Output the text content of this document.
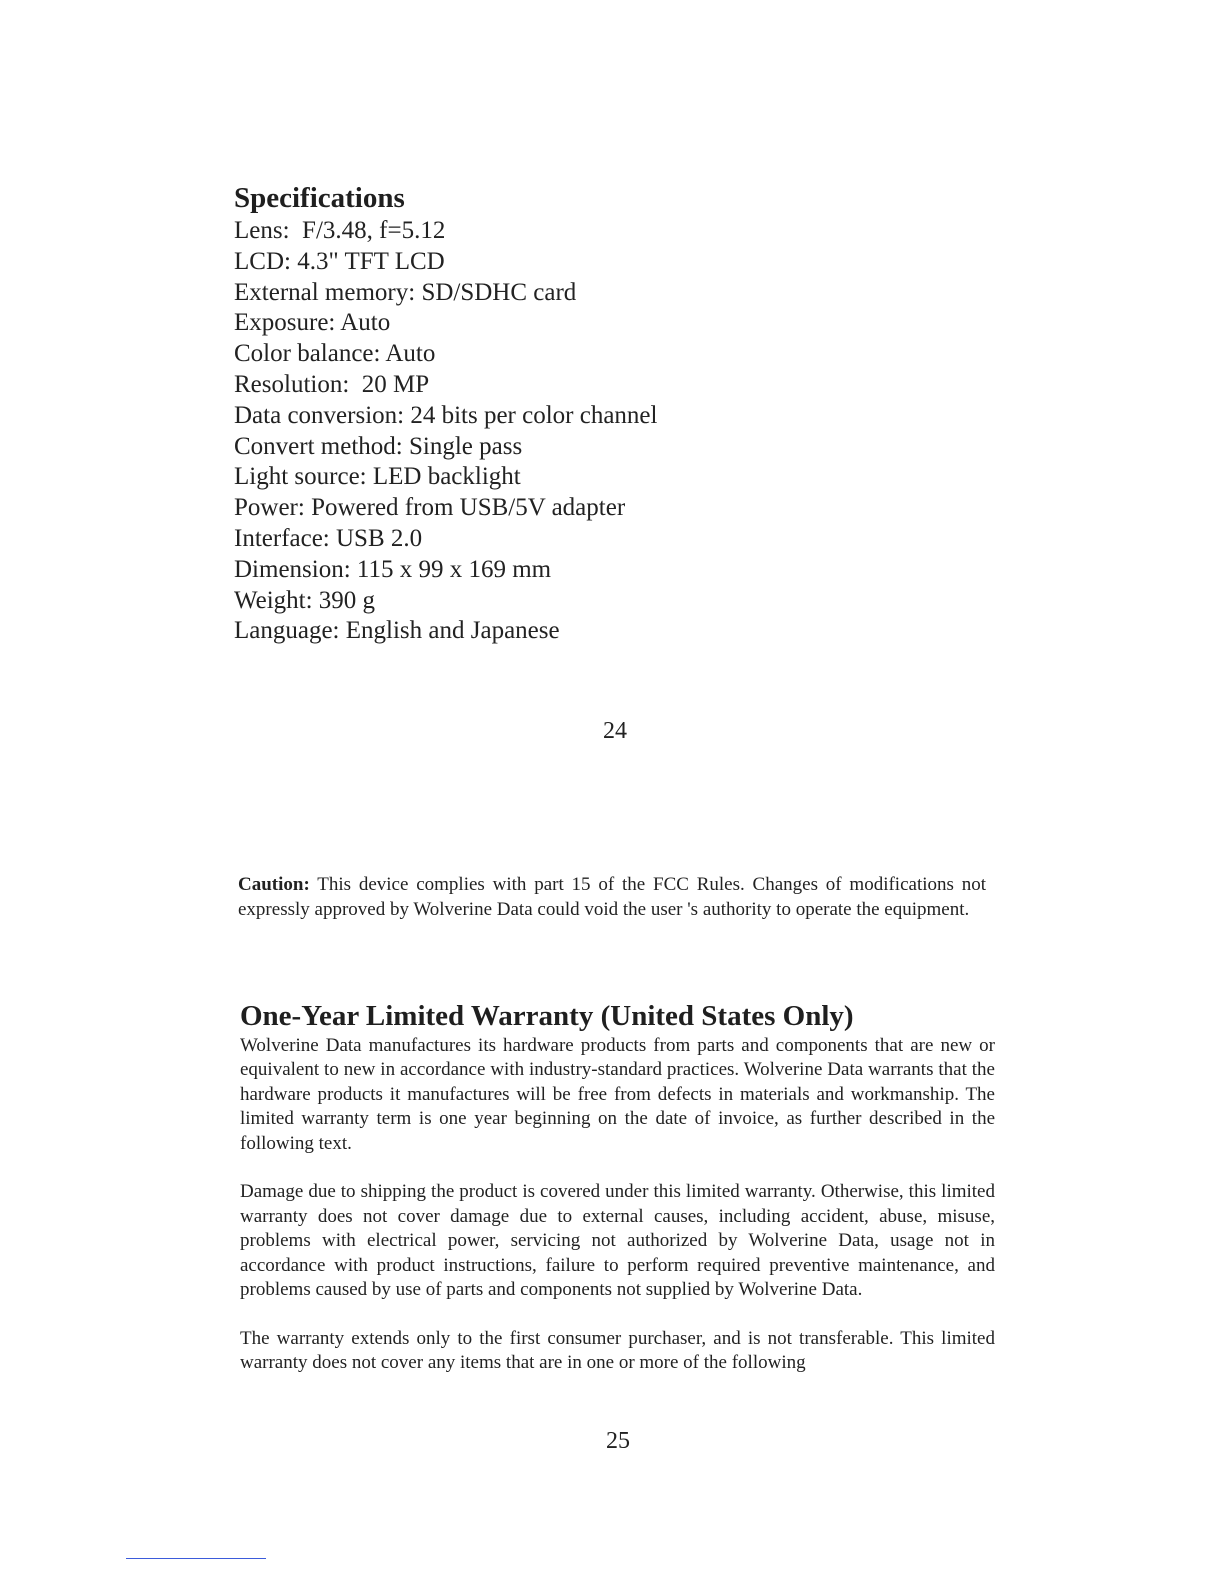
Specifications
Lens:  F/3.48, f=5.12
LCD: 4.3" TFT LCD
External memory: SD/SDHC card
Exposure: Auto
Color balance: Auto
Resolution:  20 MP
Data conversion: 24 bits per color channel
Convert method: Single pass
Light source: LED backlight
Power: Powered from USB/5V adapter
Interface: USB 2.0
Dimension: 115 x 99 x 169 mm
Weight: 390 g
Language: English and Japanese
24

Caution: This device complies with part 15 of the FCC Rules. Changes of modifications not expressly approved by Wolverine Data could void the user 's authority to operate the equipment.

One-Year Limited Warranty (United States Only)

Wolverine Data manufactures its hardware products from parts and components that are new or equivalent to new in accordance with industry-standard practices. Wolverine Data warrants that the hardware products it manufactures will be free from defects in materials and workmanship. The limited warranty term is one year beginning on the date of invoice, as further described in the following text.

Damage due to shipping the product is covered under this limited warranty. Otherwise, this limited warranty does not cover damage due to external causes, including accident, abuse, misuse, problems with electrical power, servicing not authorized by Wolverine Data, usage not in accordance with product instructions, failure to perform required preventive maintenance, and problems caused by use of parts and components not supplied by Wolverine Data.

The warranty extends only to the first consumer purchaser, and is not transferable. This limited warranty does not cover any items that are in one or more of the following

25
